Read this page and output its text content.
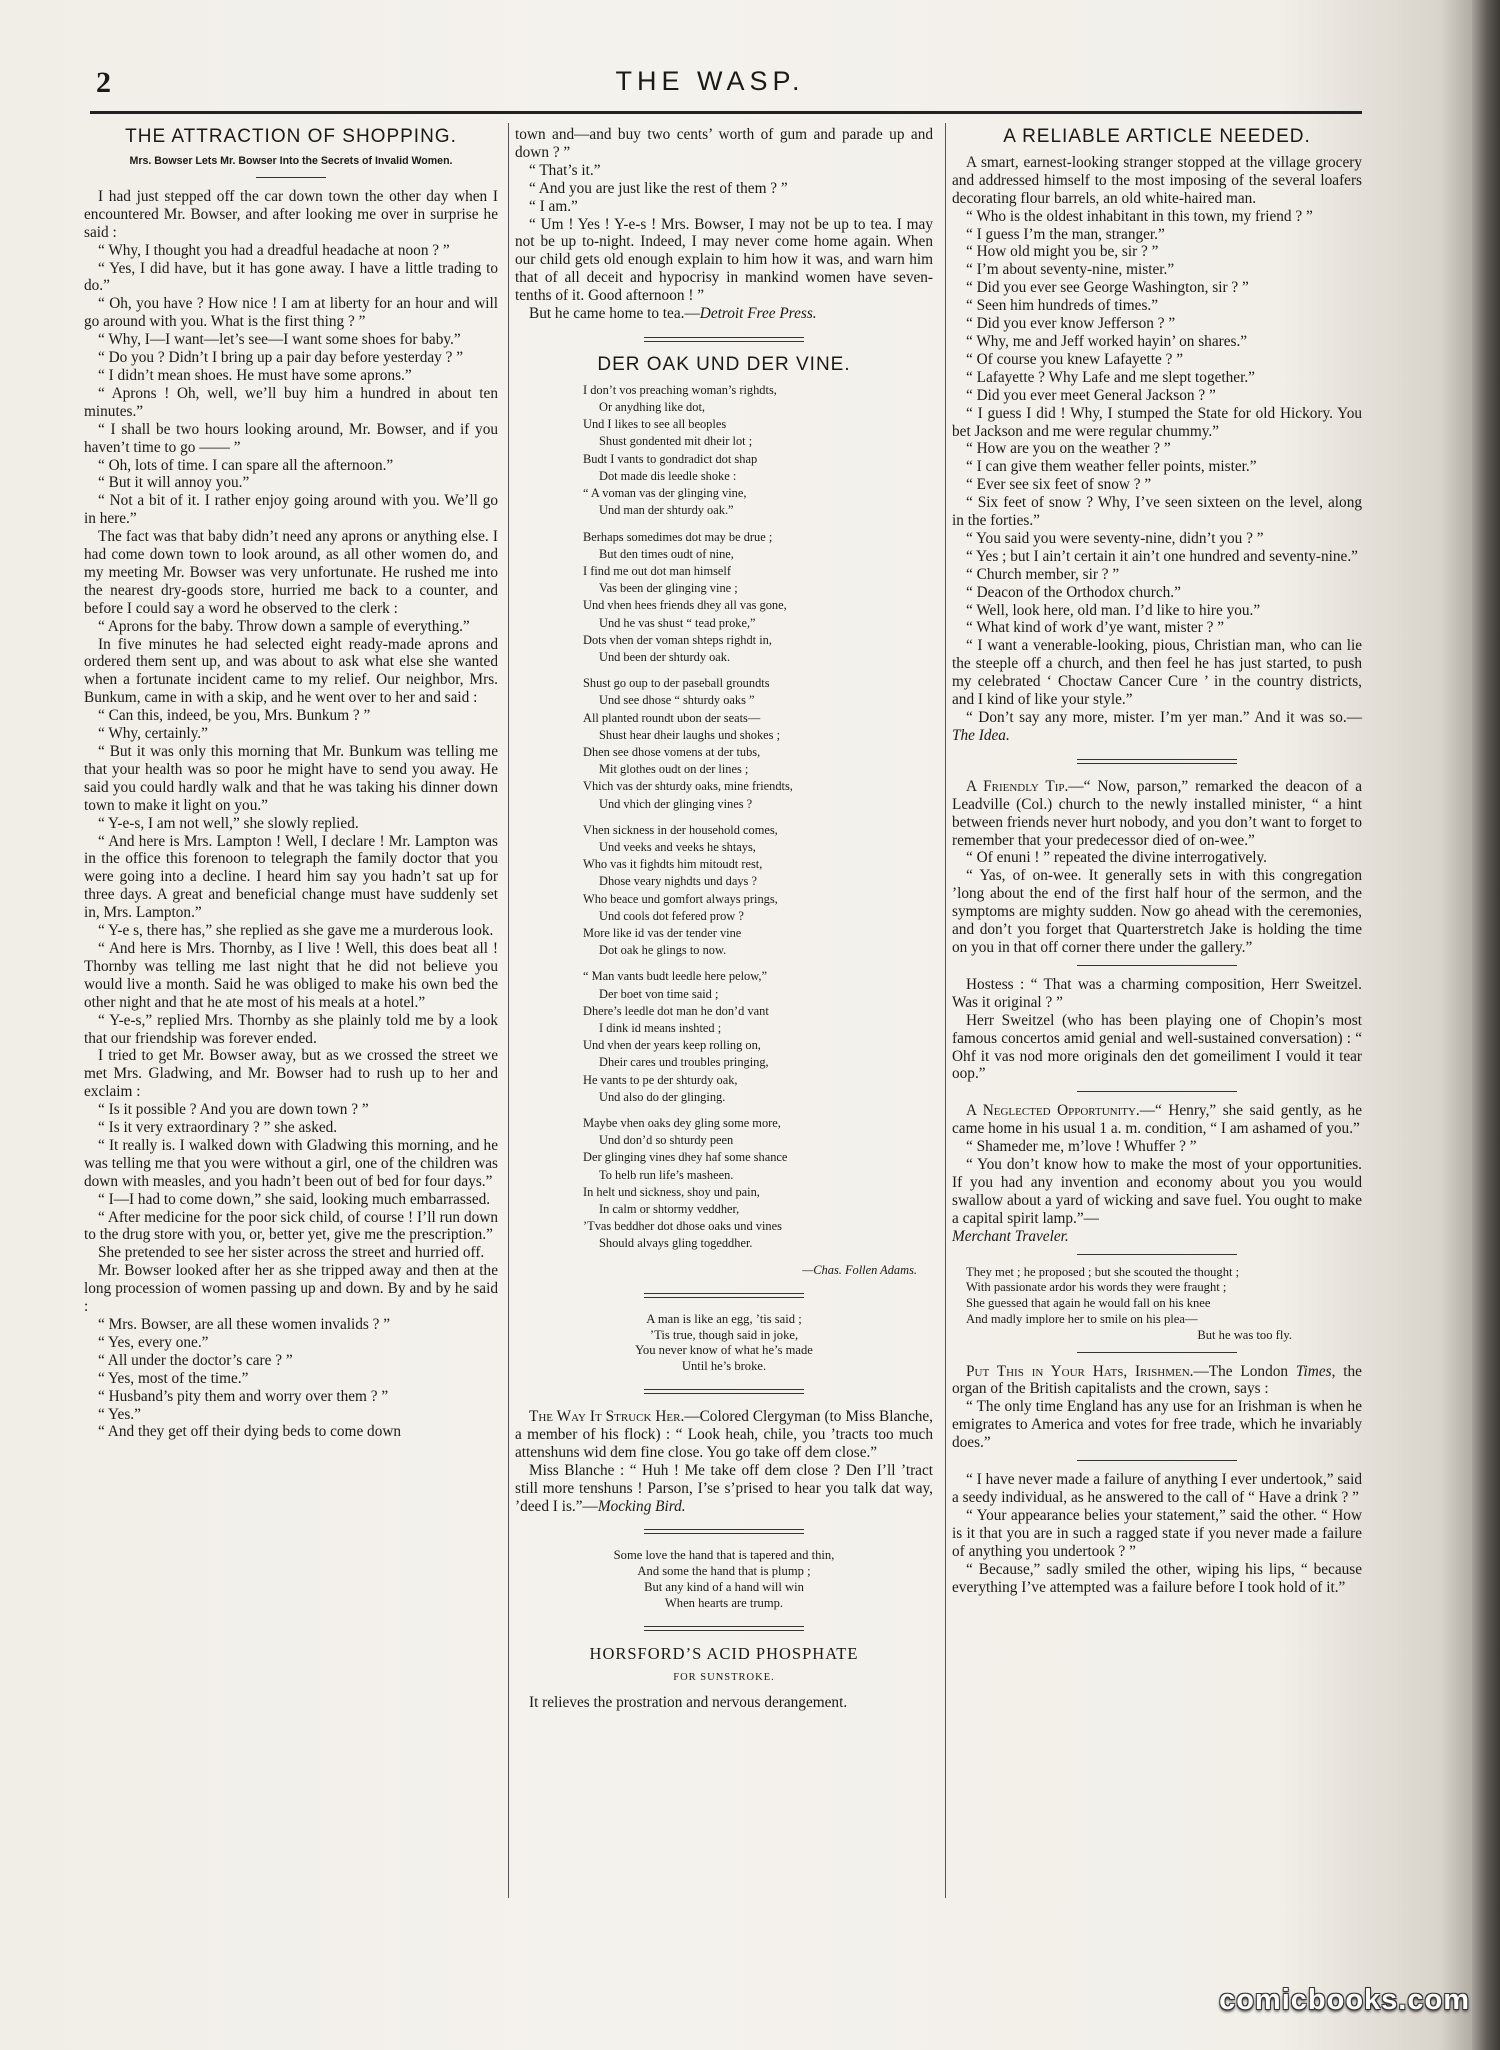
2	THE WASP.
THE ATTRACTION OF SHOPPING.
Mrs. Bowser Lets Mr. Bowser Into the Secrets of Invalid Women.

I had just stepped off the car down town the other day when I encountered Mr. Bowser, and after looking me over in surprise he said :

“ Why, I thought you had a dreadful headache at noon ? ”

“ Yes, I did have, but it has gone away. I have a little trading to do.”

“ Oh, you have ? How nice ! I am at liberty for an hour and will go around with you. What is the first thing ? ”

“ Why, I—I want—let’s see—I want some shoes for baby.”

“ Do you ? Didn’t I bring up a pair day before yesterday ? ”

“ I didn’t mean shoes. He must have some aprons.”

“ Aprons ! Oh, well, we’ll buy him a hundred in about ten minutes.”

“ I shall be two hours looking around, Mr. Bowser, and if you haven’t time to go —— ”

“ Oh, lots of time. I can spare all the afternoon.”

“ But it will annoy you.”

“ Not a bit of it. I rather enjoy going around with you. We’ll go in here.”

The fact was that baby didn’t need any aprons or anything else. I had come down town to look around, as all other women do, and my meeting Mr. Bowser was very unfortunate. He rushed me into the nearest dry-goods store, hurried me back to a counter, and before I could say a word he observed to the clerk :

“ Aprons for the baby. Throw down a sample of everything.”

In five minutes he had selected eight ready-made aprons and ordered them sent up, and was about to ask what else she wanted when a fortunate incident came to my relief. Our neighbor, Mrs. Bunkum, came in with a skip, and he went over to her and said :

“ Can this, indeed, be you, Mrs. Bunkum ? ”

“ Why, certainly.”

“ But it was only this morning that Mr. Bunkum was telling me that your health was so poor he might have to send you away. He said you could hardly walk and that he was taking his dinner down town to make it light on you.”

“ Y-e-s, I am not well,” she slowly replied.

“ And here is Mrs. Lampton ! Well, I declare ! Mr. Lampton was in the office this forenoon to telegraph the family doctor that you were going into a decline. I heard him say you hadn’t sat up for three days. A great and beneficial change must have suddenly set in, Mrs. Lampton.”

“ Y-e s, there has,” she replied as she gave me a murderous look.

“ And here is Mrs. Thornby, as I live ! Well, this does beat all ! Thornby was telling me last night that he did not believe you would live a month. Said he was obliged to make his own bed the other night and that he ate most of his meals at a hotel.”

“ Y-e-s,” replied Mrs. Thornby as she plainly told me by a look that our friendship was forever ended.

I tried to get Mr. Bowser away, but as we crossed the street we met Mrs. Gladwing, and Mr. Bowser had to rush up to her and exclaim :

“ Is it possible ? And you are down town ? ”

“ Is it very extraordinary ? ” she asked.

“ It really is. I walked down with Gladwing this morning, and he was telling me that you were without a girl, one of the children was down with measles, and you hadn’t been out of bed for four days.”

“ I—I had to come down,” she said, looking much embarrassed.

“ After medicine for the poor sick child, of course ! I’ll run down to the drug store with you, or, better yet, give me the prescription.”

She pretended to see her sister across the street and hurried off.

Mr. Bowser looked after her as she tripped away and then at the long procession of women passing up and down. By and by he said :

“ Mrs. Bowser, are all these women invalids ? ”

“ Yes, every one.”

“ All under the doctor’s care ? ”

“ Yes, most of the time.”

“ Husband’s pity them and worry over them ? ”

“ Yes.”

“ And they get off their dying beds to come down

town and—and buy two cents’ worth of gum and parade up and down ? ”

“ That’s it.”

“ And you are just like the rest of them ? ”

“ I am.”

“ Um ! Yes ! Y-e-s ! Mrs. Bowser, I may not be up to tea. I may not be up to-night. Indeed, I may never come home again. When our child gets old enough explain to him how it was, and warn him that of all deceit and hypocrisy in mankind women have seven-tenths of it. Good afternoon ! ”

But he came home to tea.—Detroit Free Press.

DER OAK UND DER VINE.
I don’t vos preaching woman’s righdts,
Or anydhing like dot,
Und I likes to see all beoples
Shust gondented mit dheir lot ;
Budt I vants to gondradict dot shap
Dot made dis leedle shoke :
“ A voman vas der glinging vine,
Und man der shturdy oak.”
Berhaps somedimes dot may be drue ;
But den times oudt of nine,
I find me out dot man himself
Vas been der glinging vine ;
Und vhen hees friends dhey all vas gone,
Und he vas shust “ tead proke,”
Dots vhen der voman shteps righdt in,
Und been der shturdy oak.
Shust go oup to der paseball groundts
Und see dhose “ shturdy oaks ”
All planted roundt ubon der seats—
Shust hear dheir laughs und shokes ;
Dhen see dhose vomens at der tubs,
Mit glothes oudt on der lines ;
Vhich vas der shturdy oaks, mine friendts,
Und vhich der glinging vines ?
Vhen sickness in der household comes,
Und veeks and veeks he shtays,
Who vas it fighdts him mitoudt rest,
Dhose veary nighdts und days ?
Who beace und gomfort always prings,
Und cools dot fefered prow ?
More like id vas der tender vine
Dot oak he glings to now.
“ Man vants budt leedle here pelow,”
Der boet von time said ;
Dhere’s leedle dot man he don’d vant
I dink id means inshted ;
Und vhen der years keep rolling on,
Dheir cares und troubles pringing,
He vants to pe der shturdy oak,
Und also do der glinging.
Maybe vhen oaks dey gling some more,
Und don’d so shturdy peen
Der glinging vines dhey haf some shance
To helb run life’s masheen.
In helt und sickness, shoy und pain,
In calm or shtormy veddher,
’Tvas beddher dot dhose oaks und vines
Should alvays gling togeddher.
—Chas. Follen Adams.
A man is like an egg, ’tis said ;
’Tis true, though said in joke,
You never know of what he’s made
Until he’s broke.

The Way It Struck Her.—Colored Clergyman (to Miss Blanche, a member of his flock) : “ Look heah, chile, you ’tracts too much attenshuns wid dem fine close. You go take off dem close.”

Miss Blanche : “ Huh ! Me take off dem close ? Den I’ll ’tract still more tenshuns ! Parson, I’se s’prised to hear you talk dat way, ’deed I is.”—Mocking Bird.

Some love the hand that is tapered and thin,
And some the hand that is plump ;
But any kind of a hand will win
When hearts are trump.
HORSFORD’S ACID PHOSPHATE
FOR SUNSTROKE.

It relieves the prostration and nervous derangement.

A RELIABLE ARTICLE NEEDED.

A smart, earnest-looking stranger stopped at the village grocery and addressed himself to the most imposing of the several loafers decorating flour barrels, an old white-haired man.

“ Who is the oldest inhabitant in this town, my friend ? ”

“ I guess I’m the man, stranger.”

“ How old might you be, sir ? ”

“ I’m about seventy-nine, mister.”

“ Did you ever see George Washington, sir ? ”

“ Seen him hundreds of times.”

“ Did you ever know Jefferson ? ”

“ Why, me and Jeff worked hayin’ on shares.”

“ Of course you knew Lafayette ? ”

“ Lafayette ? Why Lafe and me slept together.”

“ Did you ever meet General Jackson ? ”

“ I guess I did ! Why, I stumped the State for old Hickory. You bet Jackson and me were regular chummy.”

“ How are you on the weather ? ”

“ I can give them weather feller points, mister.”

“ Ever see six feet of snow ? ”

“ Six feet of snow ? Why, I’ve seen sixteen on the level, along in the forties.”

“ You said you were seventy-nine, didn’t you ? ”

“ Yes ; but I ain’t certain it ain’t one hundred and seventy-nine.”

“ Church member, sir ? ”

“ Deacon of the Orthodox church.”

“ Well, look here, old man. I’d like to hire you.”

“ What kind of work d’ye want, mister ? ”

“ I want a venerable-looking, pious, Christian man, who can lie the steeple off a church, and then feel he has just started, to push my celebrated ‘ Choctaw Cancer Cure ’ in the country districts, and I kind of like your style.”

“ Don’t say any more, mister. I’m yer man.” And it was so.—The Idea.

A Friendly Tip.—“ Now, parson,” remarked the deacon of a Leadville (Col.) church to the newly installed minister, “ a hint between friends never hurt nobody, and you don’t want to forget to remember that your predecessor died of on-wee.”

“ Of enuni ! ” repeated the divine interrogatively.

“ Yas, of on-wee. It generally sets in with this congregation ’long about the end of the first half hour of the sermon, and the symptoms are mighty sudden. Now go ahead with the ceremonies, and don’t you forget that Quarterstretch Jake is holding the time on you in that off corner there under the gallery.”

Hostess : “ That was a charming composition, Herr Sweitzel. Was it original ? ”

Herr Sweitzel (who has been playing one of Chopin’s most famous concertos amid genial and well-sustained conversation) : “ Ohf it vas nod more originals den det gomeiliment I vould it tear oop.”

A Neglected Opportunity.—“ Henry,” she said gently, as he came home in his usual 1 a. m. condition, “ I am ashamed of you.”

“ Shameder me, m’love ! Whuffer ? ”

“ You don’t know how to make the most of your opportunities. If you had any invention and economy about you you would swallow about a yard of wicking and save fuel. You ought to make a capital spirit lamp.”—

Merchant Traveler.

They met ; he proposed ; but she scouted the thought ;
With passionate ardor his words they were fraught ;
She guessed that again he would fall on his knee
And madly implore her to smile on his plea—
But he was too fly.

Put This in Your Hats, Irishmen.—The London Times, the organ of the British capitalists and the crown, says :

“ The only time England has any use for an Irishman is when he emigrates to America and votes for free trade, which he invariably does.”

“ I have never made a failure of anything I ever undertook,” said a seedy individual, as he answered to the call of “ Have a drink ? ”

“ Your appearance belies your statement,” said the other. “ How is it that you are in such a ragged state if you never made a failure of anything you undertook ? ”

“ Because,” sadly smiled the other, wiping his lips, “ because everything I’ve attempted was a failure before I took hold of it.”

comicbooks.com
